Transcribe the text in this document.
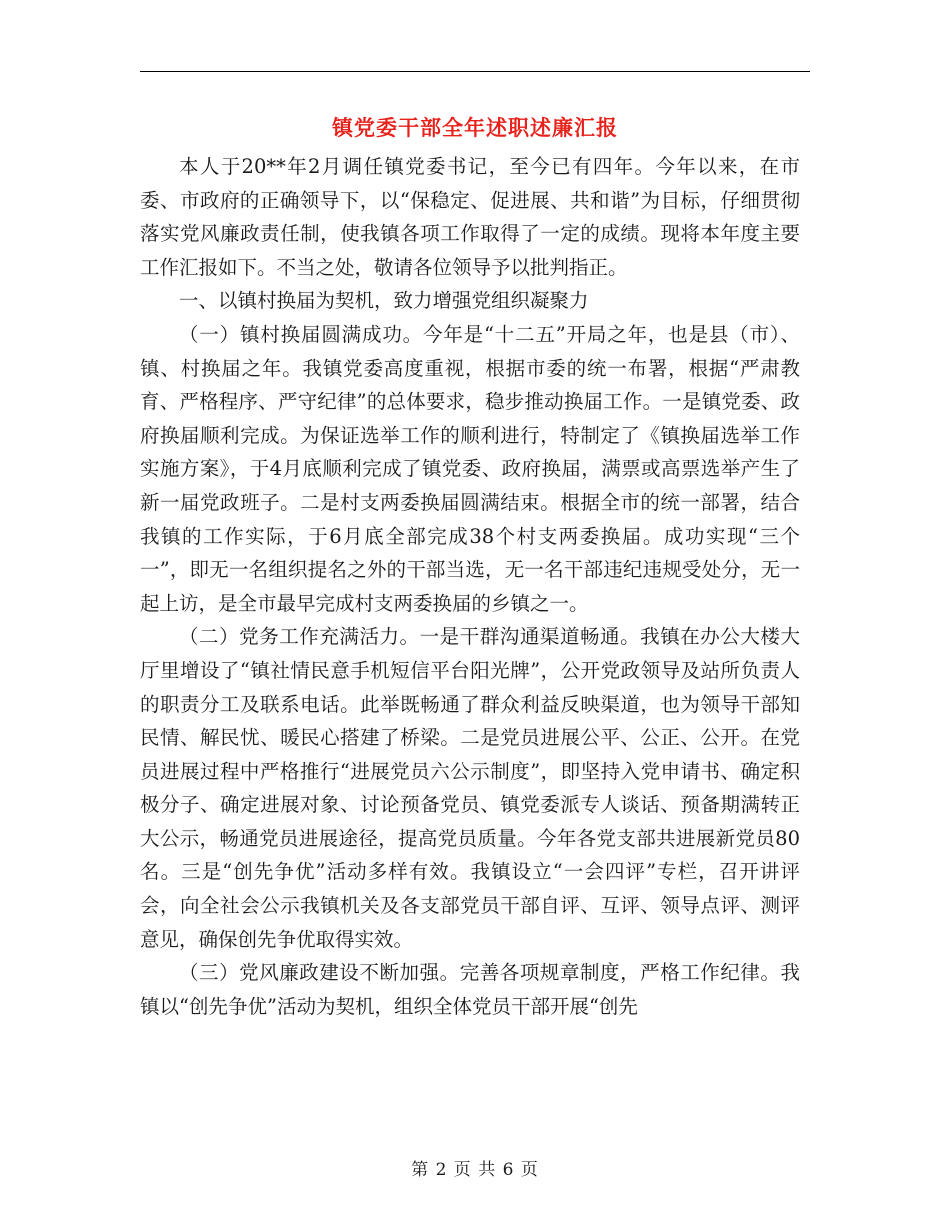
镇党委干部全年述职述廉汇报

本人于20**年2月调任镇党委书记，至今已有四年。今年以来，在市委、市政府的正确领导下，以“保稳定、促进展、共和谐”为目标，仔细贯彻落实党风廉政责任制，使我镇各项工作取得了一定的成绩。现将本年度主要工作汇报如下。不当之处，敬请各位领导予以批判指正。

一、以镇村换届为契机，致力增强党组织凝聚力

（一）镇村换届圆满成功。今年是“十二五”开局之年，也是县（市）、镇、村换届之年。我镇党委高度重视，根据市委的统一布署，根据“严肃教育、严格程序、严守纪律”的总体要求，稳步推动换届工作。一是镇党委、政府换届顺利完成。为保证选举工作的顺利进行，特制定了《镇换届选举工作实施方案》，于4月底顺利完成了镇党委、政府换届，满票或高票选举产生了新一届党政班子。二是村支两委换届圆满结束。根据全市的统一部署，结合我镇的工作实际，于6月底全部完成38个村支两委换届。成功实现“三个一”，即无一名组织提名之外的干部当选，无一名干部违纪违规受处分，无一起上访，是全市最早完成村支两委换届的乡镇之一。

（二）党务工作充满活力。一是干群沟通渠道畅通。我镇在办公大楼大厅里增设了“镇社情民意手机短信平台阳光牌”，公开党政领导及站所负责人的职责分工及联系电话。此举既畅通了群众利益反映渠道，也为领导干部知民情、解民忧、暖民心搭建了桥梁。二是党员进展公平、公正、公开。在党员进展过程中严格推行“进展党员六公示制度”，即坚持入党申请书、确定积极分子、确定进展对象、讨论预备党员、镇党委派专人谈话、预备期满转正大公示，畅通党员进展途径，提高党员质量。今年各党支部共进展新党员80名。三是“创先争优”活动多样有效。我镇设立“一会四评”专栏，召开讲评会，向全社会公示我镇机关及各支部党员干部自评、互评、领导点评、测评意见，确保创先争优取得实效。

（三）党风廉政建设不断加强。完善各项规章制度，严格工作纪律。我镇以“创先争优”活动为契机，组织全体党员干部开展“创先

第 2 页 共 6 页
